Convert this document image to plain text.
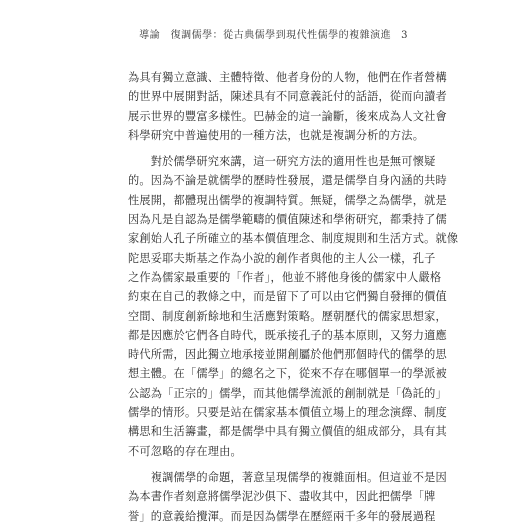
導論　復調儒學：從古典儒學到現代性儒學的複雜演進 3
為具有獨立意識、主體特徵、他者身份的人物，他們在作者營構
的世界中展開對話，陳述具有不同意義託付的話語，從而向讀者
展示世界的豐富多樣性。巴赫金的這一論斷，後來成為人文社會
科學研究中普遍使用的一種方法，也就是複調分析的方法。
　　對於儒學研究來講，這一研究方法的適用性也是無可懷疑
的。因為不論是就儒學的歷時性發展，還是儒學自身內涵的共時
性展開，都體現出儒學的複調特質。無疑，儒學之為儒學，就是
因為凡是自認為是儒學範疇的價值陳述和學術研究，都秉持了儒
家創始人孔子所確立的基本價值理念、制度規則和生活方式。就像
陀思妥耶夫斯基之作為小說的創作者與他的主人公一樣，孔子
之作為儒家最重要的「作者」，他並不將他身後的儒家中人嚴格
約束在自己的教條之中，而是留下了可以由它們獨自發揮的價值
空間、制度創新餘地和生活應對策略。歷朝歷代的儒家思想家，
都是因應於它們各自時代，既承接孔子的基本原則，又努力適應
時代所需，因此獨立地承接並開創屬於他們那個時代的儒學的思
想主體。在「儒學」的總名之下，從來不存在哪個單一的學派被
公認為「正宗的」儒學，而其他儒學流派的創制就是「偽託的」
儒學的情形。只要是站在儒家基本價值立場上的理念演繹、制度
構思和生活籌畫，都是儒學中具有獨立價值的組成部分，具有其
不可忽略的存在理由。
　　複調儒學的命題，著意呈現儒學的複雜面相。但這並不是因
為本書作者刻意將儒學泥沙俱下、盡收其中，因此把儒學「牌
誉」的意義給攪渾。而是因為儒學在歷經兩千多年的發展過程
